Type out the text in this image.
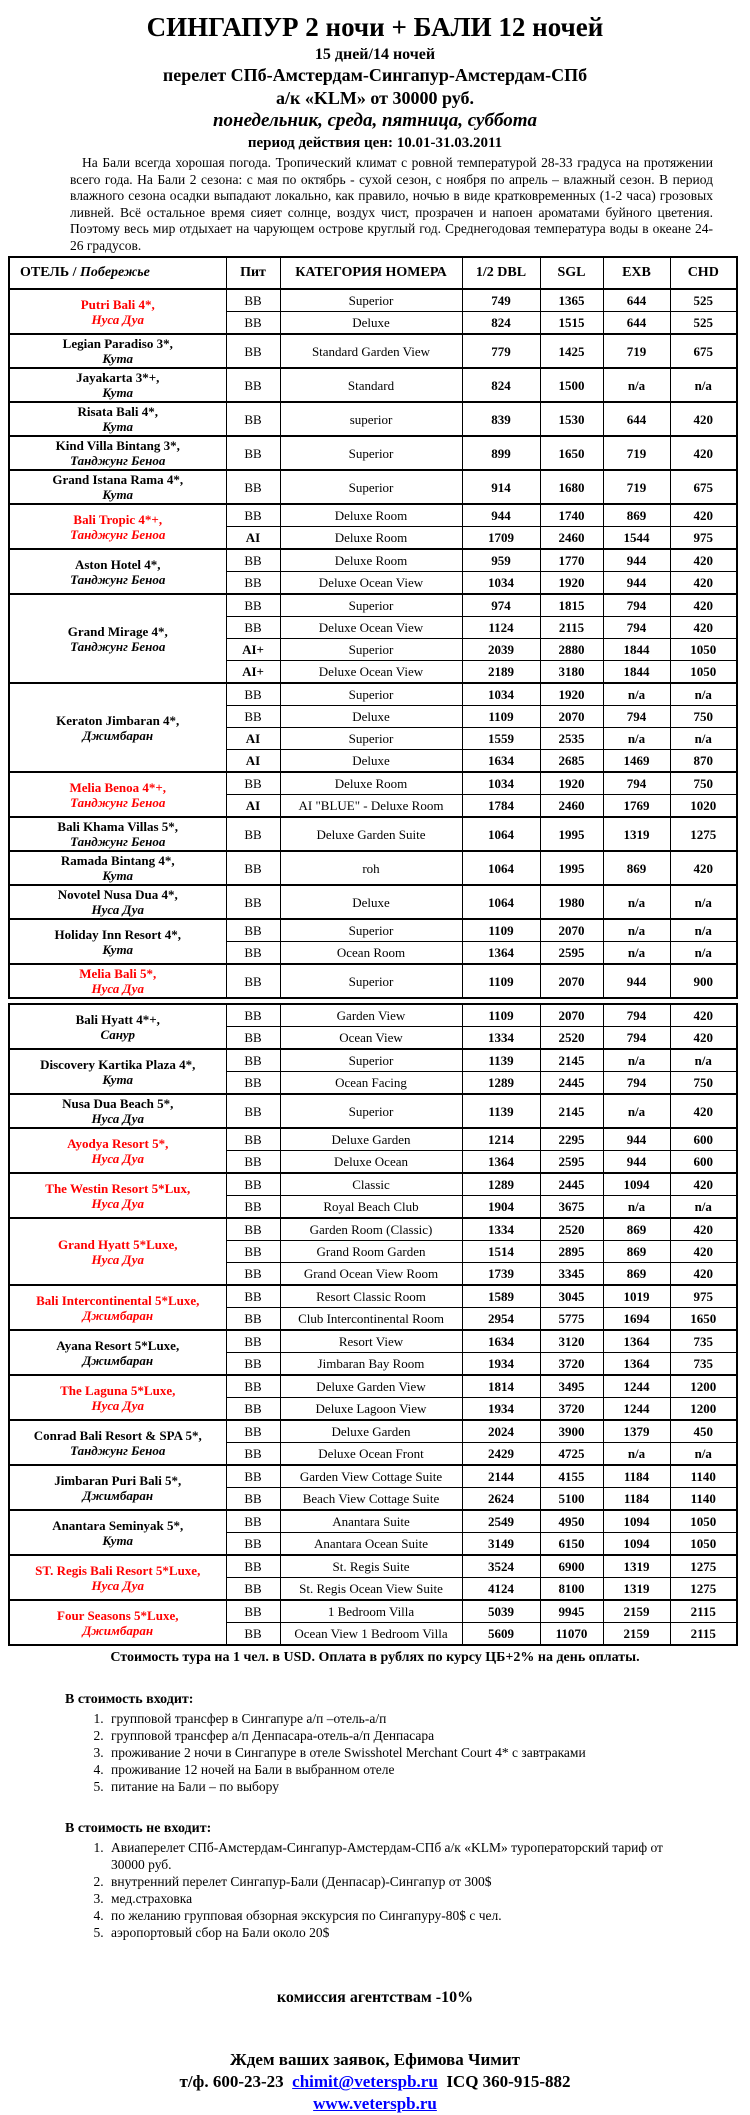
СИНГАПУР 2 ночи + БАЛИ 12 ночей
15 дней/14 ночей
перелет СПб-Амстердам-Сингапур-Амстердам-СПб
а/к «KLM» от 30000 руб.
понедельник, среда, пятница, суббота
период действия цен: 10.01-31.03.2011
На Бали всегда хорошая погода. Тропический климат с ровной температурой 28-33 градуса на протяжении всего года. На Бали 2 сезона: с мая по октябрь - сухой сезон, с ноября по апрель – влажный сезон. В период влажного сезона осадки выпадают локально, как правило, ночью в виде кратковременных (1-2 часа) грозовых ливней. Всё остальное время сияет солнце, воздух чист, прозрачен и напоен ароматами буйного цветения. Поэтому весь мир отдыхает на чарующем острове круглый год. Среднегодовая температура воды в океане 24-26 градусов.
ОТЕЛЬ / Побережье	Пит	КАТЕГОРИЯ НОМЕРА	1/2 DBL	SGL	EXB	CHD

Putri Bali 4*,
Нуса Дуа	BB	Superior	749	1365	644	525
	BB	Deluxe	824	1515	644	525

Legian Paradiso 3*,
Кута	BB	Standard Garden View	779	1425	719	675

Jayakarta 3*+,
Кута	BB	Standard	824	1500	n/a	n/a

Risata Bali 4*,
Кута	BB	superior	839	1530	644	420

Kind Villa Bintang 3*,
Танджунг Беноа	BB	Superior	899	1650	719	420

Grand Istana Rama 4*,
Кута	BB	Superior	914	1680	719	675

Bali Tropic 4*+,
Танджунг Беноа	BB	Deluxe Room	944	1740	869	420
	AI	Deluxe Room	1709	2460	1544	975

Aston Hotel 4*,
Танджунг Беноа	BB	Deluxe Room	959	1770	944	420
	BB	Deluxe Ocean View	1034	1920	944	420

Grand Mirage 4*,
Танджунг Беноа	BB	Superior	974	1815	794	420
	BB	Deluxe Ocean View	1124	2115	794	420
	AI+	Superior	2039	2880	1844	1050
	AI+	Deluxe Ocean View	2189	3180	1844	1050

Keraton Jimbaran 4*,
Джимбаран	BB	Superior	1034	1920	n/a	n/a
	BB	Deluxe	1109	2070	794	750
	AI	Superior	1559	2535	n/a	n/a
	AI	Deluxe	1634	2685	1469	870

Melia Benoa 4*+,
Танджунг Беноа	BB	Deluxe Room	1034	1920	794	750
	AI	AI "BLUE" - Deluxe Room	1784	2460	1769	1020

Bali Khama Villas 5*,
Танджунг Беноа	BB	Deluxe Garden Suite	1064	1995	1319	1275

Ramada Bintang 4*,
Кута	BB	roh	1064	1995	869	420

Novotel Nusa Dua 4*,
Нуса Дуа	BB	Deluxe	1064	1980	n/a	n/a

Holiday Inn Resort 4*,
Кута	BB	Superior	1109	2070	n/a	n/a
	BB	Ocean Room	1364	2595	n/a	n/a

Melia Bali 5*,
Нуса Дуа	BB	Superior	1109	2070	944	900
Bali Hyatt 4*+,
Санур	BB	Garden View	1109	2070	794	420
	BB	Ocean View	1334	2520	794	420

Discovery Kartika Plaza 4*,
Кута	BB	Superior	1139	2145	n/a	n/a
	BB	Ocean Facing	1289	2445	794	750

Nusa Dua Beach 5*,
Нуса Дуа	BB	Superior	1139	2145	n/a	420

Ayodya Resort 5*,
Нуса Дуа	BB	Deluxe Garden	1214	2295	944	600
	BB	Deluxe Ocean	1364	2595	944	600

The Westin Resort 5*Lux,
Нуса Дуа	BB	Classic	1289	2445	1094	420
	BB	Royal Beach Club	1904	3675	n/a	n/a

Grand Hyatt 5*Luxe,
Нуса Дуа	BB	Garden Room (Classic)	1334	2520	869	420
	BB	Grand Room Garden	1514	2895	869	420
	BB	Grand Ocean View Room	1739	3345	869	420

Bali Intercontinental 5*Luxe,
Джимбаран	BB	Resort Classic Room	1589	3045	1019	975
	BB	Club Intercontinental Room	2954	5775	1694	1650

Ayana Resort 5*Luxe,
Джимбаран	BB	Resort View	1634	3120	1364	735
	BB	Jimbaran Bay Room	1934	3720	1364	735

The Laguna 5*Luxe,
Нуса Дуа	BB	Deluxe Garden View	1814	3495	1244	1200
	BB	Deluxe Lagoon View	1934	3720	1244	1200

Conrad Bali Resort & SPA 5*,
Танджунг Беноа	BB	Deluxe Garden	2024	3900	1379	450
	BB	Deluxe Ocean Front	2429	4725	n/a	n/a

Jimbaran Puri Bali 5*,
Джимбаран	BB	Garden View Cottage Suite	2144	4155	1184	1140
	BB	Beach View Cottage Suite	2624	5100	1184	1140

Anantara Seminyak 5*,
Кута	BB	Anantara Suite	2549	4950	1094	1050
	BB	Anantara Ocean Suite	3149	6150	1094	1050

ST. Regis Bali Resort 5*Luxe,
Нуса Дуа	BB	St. Regis Suite	3524	6900	1319	1275
	BB	St. Regis Ocean View Suite	4124	8100	1319	1275

Four Seasons 5*Luxe,
Джимбаран	BB	1 Bedroom Villa	5039	9945	2159	2115
	BB	Ocean View 1 Bedroom Villa	5609	11070	2159	2115
Стоимость тура на 1 чел. в USD. Оплата в рублях по курсу ЦБ+2% на день оплаты.
В стоимость входит:
1. групповой трансфер в Сингапуре а/п –отель-а/п
2. групповой трансфер а/п Денпасара-отель-а/п Денпасара
3. проживание 2 ночи в Сингапуре в отеле Swisshotel Merchant Court 4* с завтраками
4. проживание 12 ночей на Бали в выбранном отеле
5. питание на Бали – по выбору
В стоимость не входит:
1. Авиаперелет СПб-Амстердам-Сингапур-Амстердам-СПб а/к «KLM» туроператорский тариф от 30000 руб.
2. внутренний перелет Сингапур-Бали (Денпасар)-Сингапур от 300$
3. мед.страховка
4. по желанию групповая обзорная экскурсия по Сингапуру-80$ с чел.
5. аэропортовый сбор на Бали около 20$
комиссия агентствам -10%
Ждем ваших заявок, Ефимова Чимит
т/ф. 600-23-23 chimit@veterspb.ru ICQ 360-915-882
www.veterspb.ru
